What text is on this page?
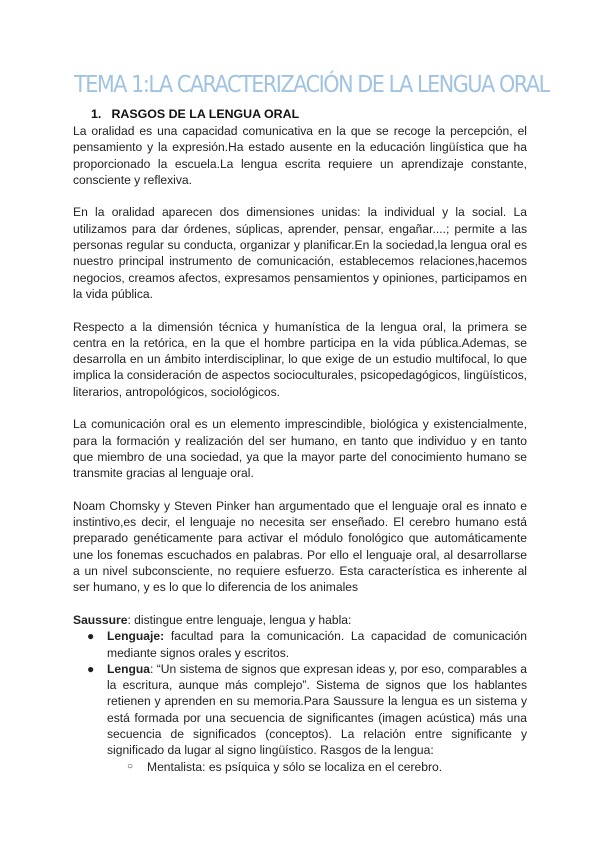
TEMA 1:LA CARACTERIZACIÓN DE LA LENGUA ORAL
1. RASGOS DE LA LENGUA ORAL

La oralidad es una capacidad comunicativa en la que se recoge la percepción, el pensamiento y la expresión.Ha estado ausente en la educación lingüística que ha proporcionado la escuela.La lengua escrita requiere un aprendizaje constante, consciente y reflexiva.

En la oralidad aparecen dos dimensiones unidas: la individual y la social. La utilizamos para dar órdenes, súplicas, aprender, pensar, engañar....; permite a las personas regular su conducta, organizar y planificar.En la sociedad,la lengua oral es nuestro principal instrumento de comunicación, establecemos relaciones,hacemos negocios, creamos afectos, expresamos pensamientos y opiniones, participamos en la vida pública.

Respecto a la dimensión técnica y humanística de la lengua oral, la primera se centra en la retórica, en la que el hombre participa en la vida pública.Ademas, se desarrolla en un ámbito interdisciplinar, lo que exige de un estudio multifocal, lo que implica la consideración de aspectos socioculturales, psicopedagógicos, lingüísticos, literarios, antropológicos, sociológicos.

La comunicación oral es un elemento imprescindible, biológica y existencialmente, para la formación y realización del ser humano, en tanto que individuo y en tanto que miembro de una sociedad, ya que la mayor parte del conocimiento humano se transmite gracias al lenguaje oral.

Noam Chomsky y Steven Pinker han argumentado que el lenguaje oral es innato e instintivo,es decir, el lenguaje no necesita ser enseñado. El cerebro humano está preparado genéticamente para activar el módulo fonológico que automáticamente une los fonemas escuchados en palabras. Por ello el lenguaje oral, al desarrollarse a un nivel subconsciente, no requiere esfuerzo. Esta característica es inherente al ser humano, y es lo que lo diferencia de los animales

Saussure: distingue entre lenguaje, lengua y habla:

● Lenguaje: facultad para la comunicación. La capacidad de comunicación mediante signos orales y escritos.
● Lengua: “Un sistema de signos que expresan ideas y, por eso, comparables a la escritura, aunque más complejo”. Sistema de signos que los hablantes retienen y aprenden en su memoria.Para Saussure la lengua es un sistema y está formada por una secuencia de significantes (imagen acústica) más una secuencia de significados (conceptos). La relación entre significante y significado da lugar al signo lingüístico. Rasgos de la lengua:
○ Mentalista: es psíquica y sólo se localiza en el cerebro.
